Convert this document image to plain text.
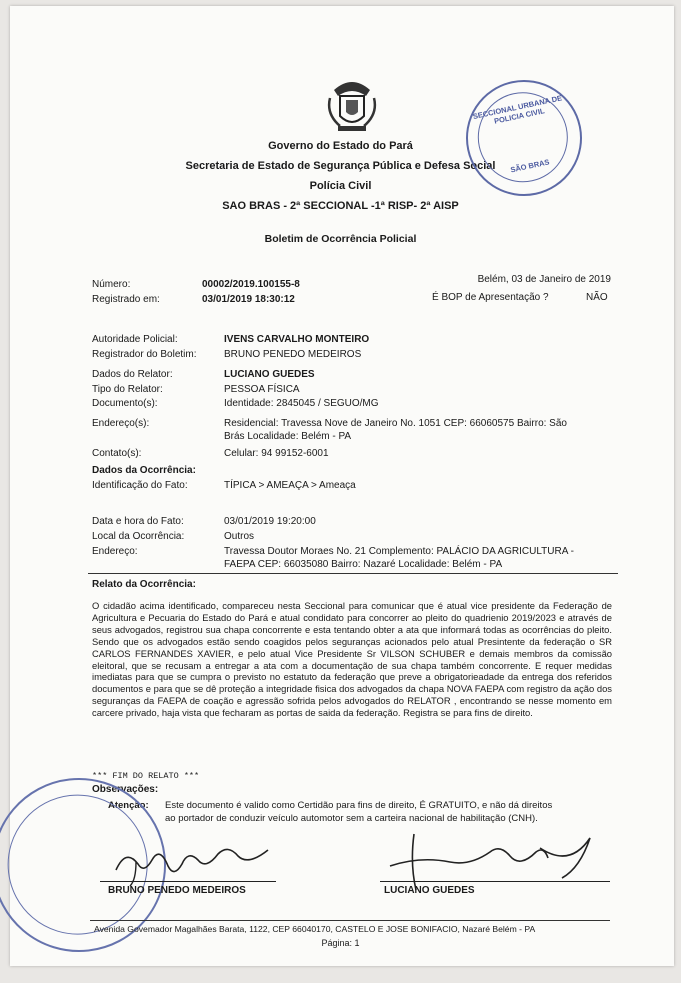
Governo do Estado do Pará
Secretaria de Estado de Segurança Pública e Defesa Social
Polícia Civil
SAO BRAS - 2ª SECCIONAL -1ª RISP- 2ª AISP
Boletim de Ocorrência Policial
SECCIONAL URBANA DE POLICIA CIVIL
SÃO BRAS
Número:	00002/2019.100155-8
Registrado em:	03/01/2019 18:30:12
Belém, 03 de Janeiro de 2019
É BOP de Apresentação ?	NÃO
Autoridade Policial:	IVENS CARVALHO MONTEIRO
Registrador do Boletim:	BRUNO PENEDO MEDEIROS
Dados do Relator:	LUCIANO GUEDES
Tipo do Relator:	PESSOA FÍSICA
Documento(s):	Identidade: 2845045 / SEGUO/MG
Endereço(s):	Residencial: Travessa Nove de Janeiro No. 1051 CEP: 66060575 Bairro: São
Brás Localidade: Belém - PA
Contato(s):	Celular: 94 99152-6001
Dados da Ocorrência:
Identificação do Fato:	TÍPICA > AMEAÇA > Ameaça
Data e hora do Fato:	03/01/2019 19:20:00
Local da Ocorrência:	Outros
Endereço:	Travessa Doutor Moraes No. 21 Complemento: PALÁCIO DA AGRICULTURA -
FAEPA CEP: 66035080 Bairro: Nazaré Localidade: Belém - PA
Relato da Ocorrência:
O cidadão acima identificado, compareceu nesta Seccional para comunicar que é atual vice presidente da Federação de Agricultura e Pecuaria do Estado do Pará e atual condidato para concorrer ao pleito do quadrienio 2019/2023 e através de seus advogados, registrou sua chapa concorrente e esta tentando obter a ata que informará todas as ocorrências do pleito. Sendo que os advogados estão sendo coagidos pelos seguranças acionados pelo atual Presintente da federação o SR CARLOS FERNANDES XAVIER, e pelo atual Vice Presidente Sr VILSON SCHUBER e demais membros da comissão eleitoral, que se recusam a entregar a ata com a documentação de sua chapa também concorrente. E requer medidas imediatas para que se cumpra o previsto no estatuto da federação que preve a obrigatorieadade da entrega dos referidos documentos e para que se dê proteção a integridade fisica dos advogados da chapa NOVA FAEPA com registro da ação dos seguranças da FAEPA de coação e agressão sofrida pelos advogados do RELATOR , encontrando se nesse momento em carcere privado, haja vista que fecharam as portas de saida da federação. Registra se para fins de direito.
*** FIM DO RELATO ***
Observações:
Atenção: Este documento é valido como Certidão para fins de direito, É GRATUITO, e não dá direitos
ao portador de conduzir veículo automotor sem a carteira nacional de habilitação (CNH).
BRUNO PENEDO MEDEIROS	LUCIANO GUEDES
Avenida Govemador Magalhães Barata, 1122, CEP 66040170, CASTELO E JOSE BONIFACIO, Nazaré Belém - PA
Página: 1
